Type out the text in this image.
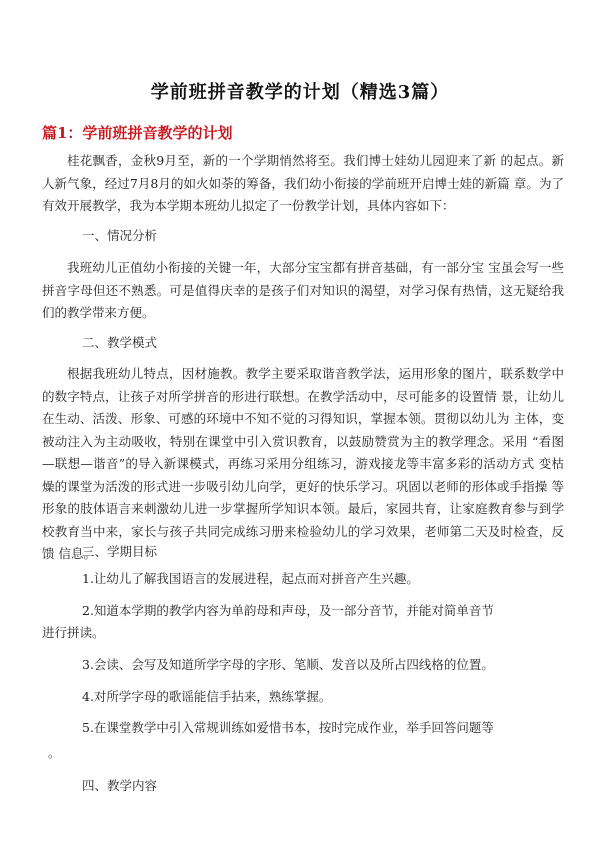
学前班拼音教学的计划（精选3篇）
篇1：学前班拼音教学的计划
桂花飘香，金秋9月至，新的一个学期悄然将至。我们博士娃幼儿园迎来了新 的起点。新人新气象，经过7月8月的如火如荼的筹备，我们幼小衔接的学前班开启博士娃的新篇 章。为了有效开展教学，我为本学期本班幼儿拟定了一份教学计划，具体内容如下：
一、情况分析
我班幼儿正值幼小衔接的关键一年，大部分宝宝都有拼音基础，有一部分宝 宝虽会写一些拼音字母但还不熟悉。可是值得庆幸的是孩子们对知识的渴望，对学习保有热情，这无疑给我们的教学带来方便。
二、教学模式
根据我班幼儿特点，因材施教。教学主要采取谐音教学法，运用形象的图片，联系数学中的数字特点，让孩子对所学拼音的形进行联想。在教学活动中，尽可能多的设置情 景，让幼儿在生动、活泼、形象、可感的环境中不知不觉的习得知识，掌握本领。贯彻以幼儿为 主体，变被动注入为主动吸收，特别在课堂中引入赏识教育，以鼓励赞赏为主的教学理念。采用 “看图—联想—谐音”的导入新课模式，再练习采用分组练习，游戏接龙等丰富多彩的活动方式 变枯燥的课堂为活泼的形式进一步吸引幼儿向学，更好的快乐学习。巩固以老师的形体或手指操 等形象的肢体语言来刺激幼儿进一步掌握所学知识本领。最后，家园共育，让家庭教育参与到学 校教育当中来，家长与孩子共同完成练习册来检验幼儿的学习效果，老师第二天及时检查，反馈 信息。
三、学期目标
1.让幼儿了解我国语言的发展进程，起点而对拼音产生兴趣。
2.知道本学期的教学内容为单韵母和声母，及一部分音节，并能对简单音节
进行拼读。
3.会读、会写及知道所学字母的字形、笔顺、发音以及所占四线格的位置。
4.对所学字母的歌谣能信手拈来，熟练掌握。
5.在课堂教学中引入常规训练如爱惜书本，按时完成作业，举手回答问题等
。
四、教学内容
